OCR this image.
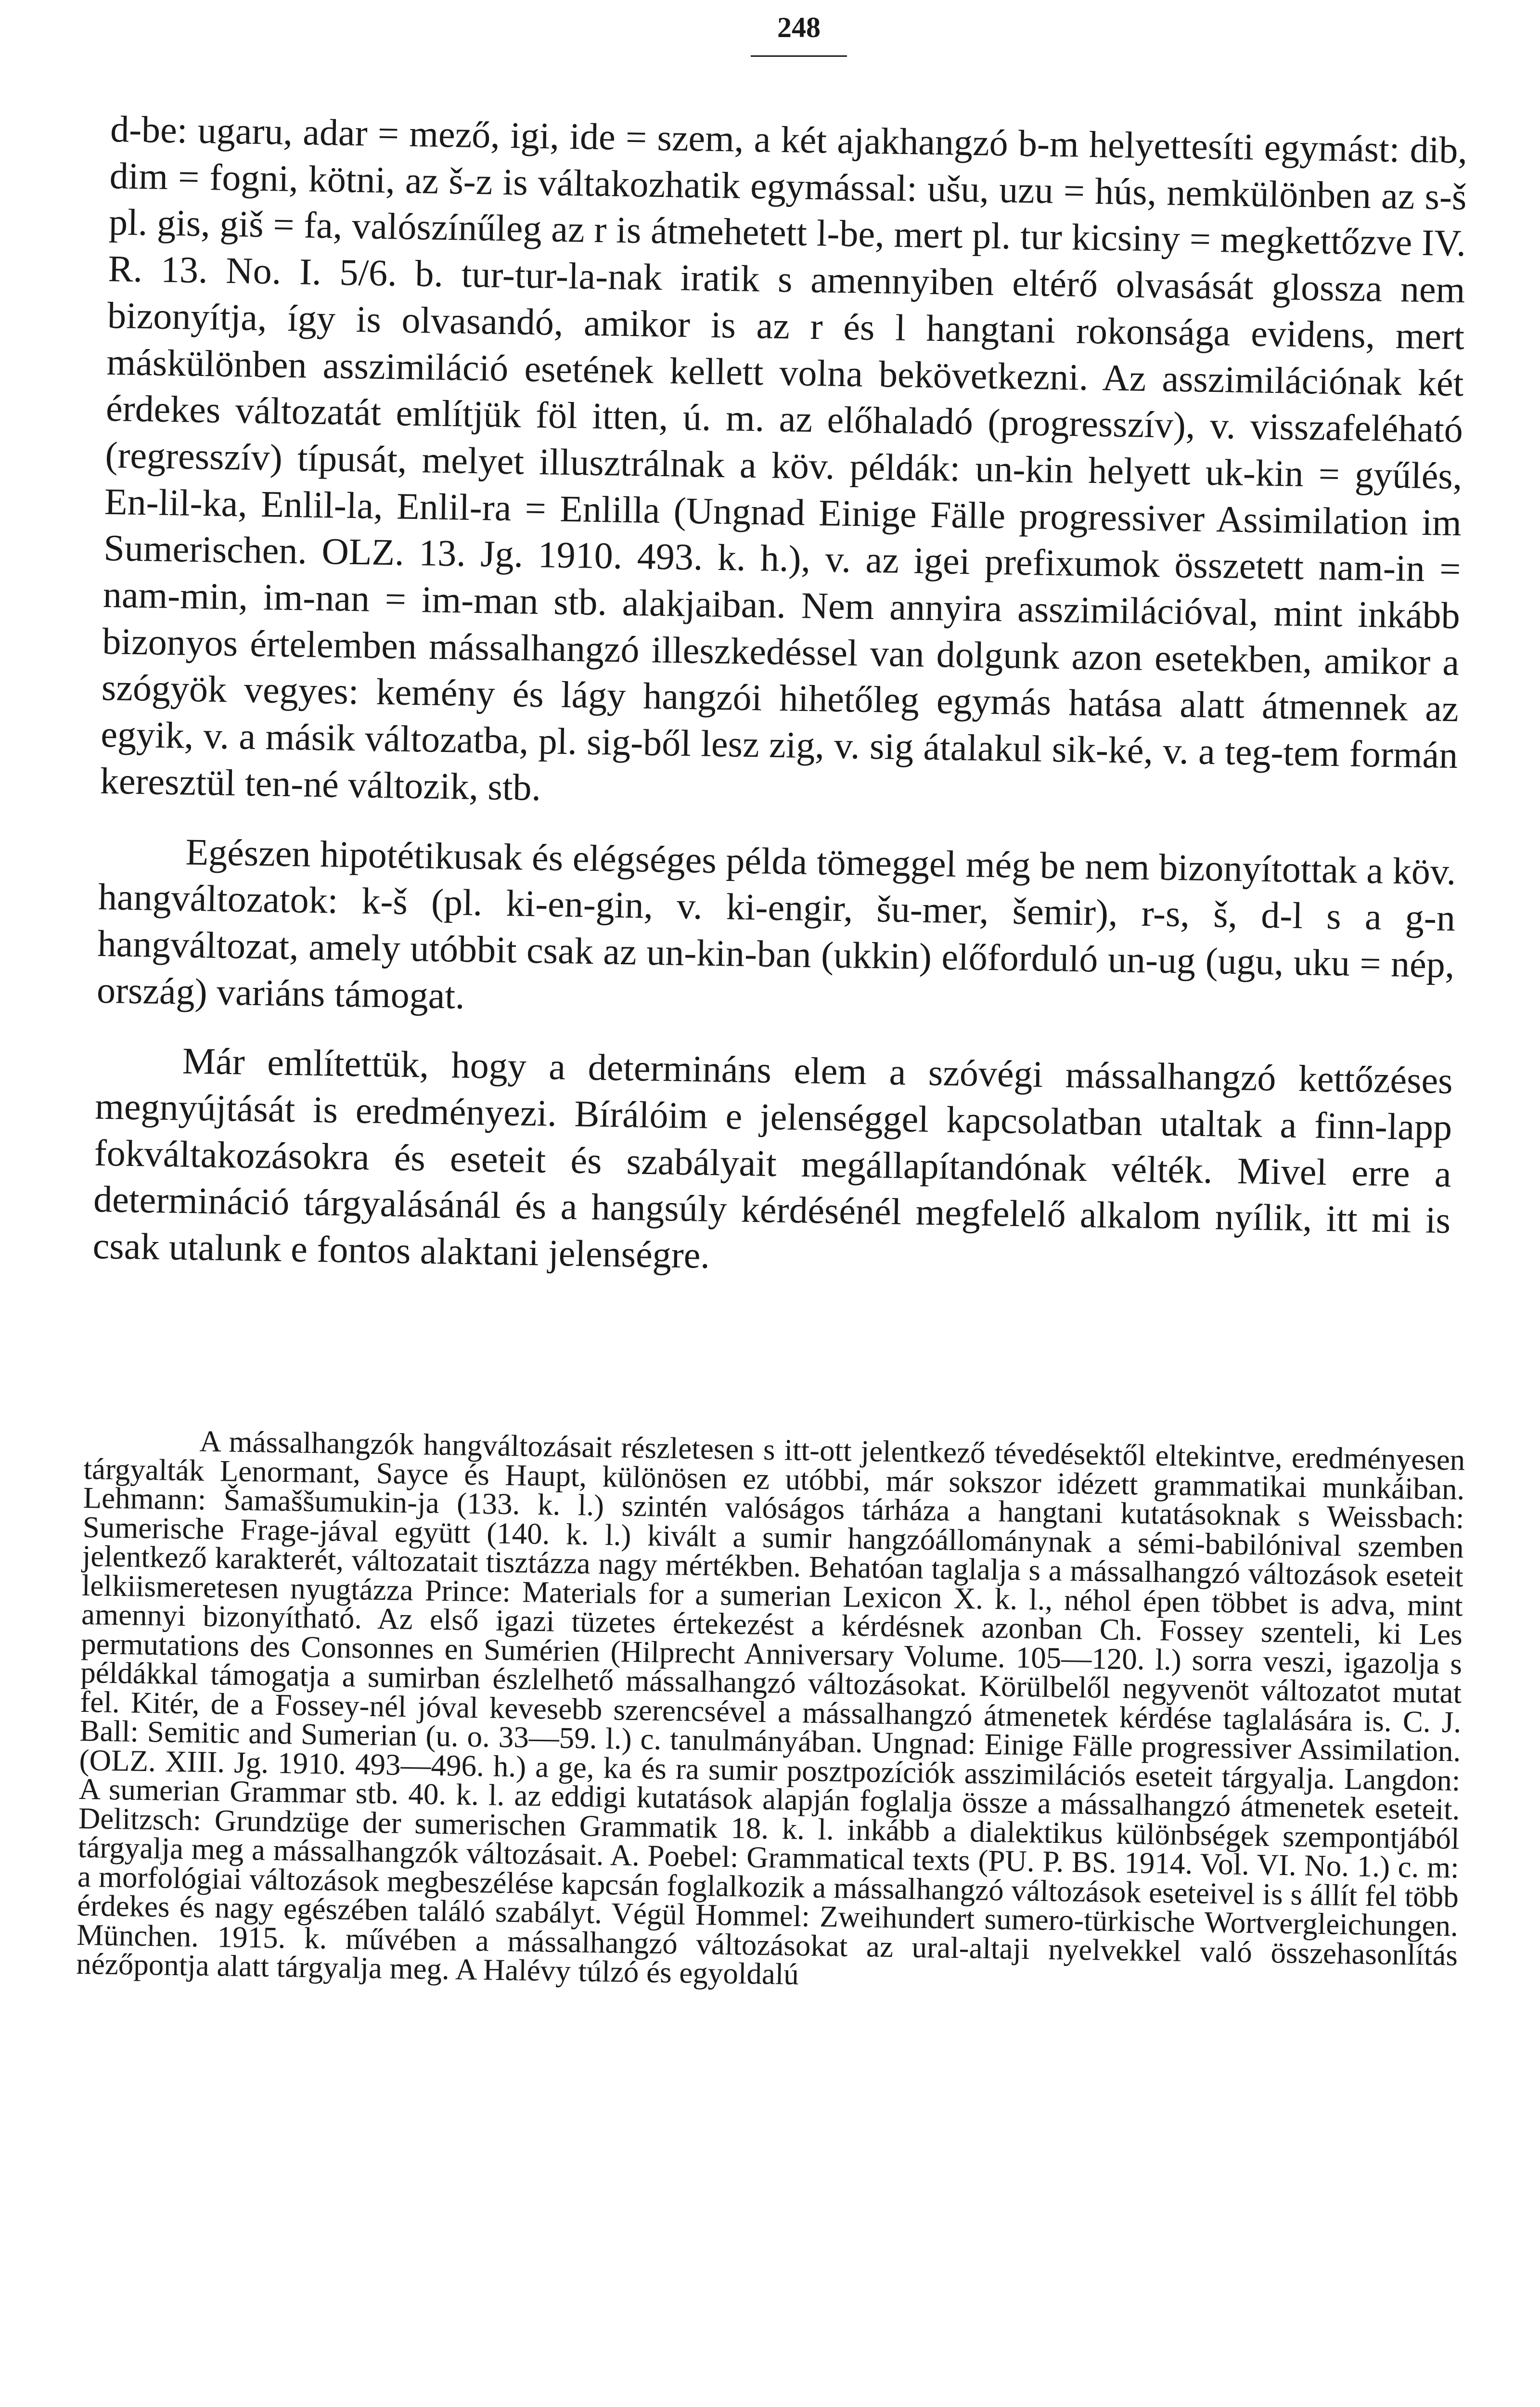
248

d-be: ugaru, adar = mező, igi, ide = szem, a két ajakhangzó b-m helyettesíti egymást: dib, dim = fogni, kötni, az š-z is váltakozhatik egymással: ušu, uzu = hús, nemkülönben az s-š pl. gis, giš = fa, valószínűleg az r is átmehetett l-be, mert pl. tur kicsiny = megkettőzve IV. R. 13. No. I. 5/6. b. tur-tur-la-nak iratik s amennyiben eltérő olvasását glossza nem bizonyítja, így is olvasandó, amikor is az r és l hangtani rokonsága evidens, mert máskülönben asszimiláció esetének kellett volna bekövetkezni. Az asszimilációnak két érdekes változatát említjük föl itten, ú. m. az előhaladó (progresszív), v. visszafeléható (regresszív) típusát, melyet illusztrálnak a köv. példák: un-kin helyett uk-kin = gyűlés, En-lil-ka, Enlil-la, Enlil-ra = Enlilla (Ungnad Einige Fälle progressiver Assimilation im Sumerischen. OLZ. 13. Jg. 1910. 493. k. h.), v. az igei prefixumok összetett nam-in = nam-min, im-nan = im-man stb. alakjaiban. Nem annyira asszimilációval, mint inkább bizonyos értelemben mássalhangzó illeszkedéssel van dolgunk azon esetekben, amikor a szógyök vegyes: kemény és lágy hangzói hihetőleg egymás hatása alatt átmennek az egyik, v. a másik változatba, pl. sig-ből lesz zig, v. sig átalakul sik-ké, v. a teg-tem formán keresztül ten-né változik, stb.

Egészen hipotétikusak és elégséges példa tömeggel még be nem bizonyítottak a köv. hangváltozatok: k-š (pl. ki-en-gin, v. ki-engir, šu-mer, šemir), r-s, š, d-l s a g-n hangváltozat, amely utóbbit csak az un-kin-ban (ukkin) előforduló un-ug (ugu, uku = nép, ország) variáns támogat.

Már említettük, hogy a determináns elem a szóvégi mássalhangzó kettőzéses megnyújtását is eredményezi. Bírálóim e jelenséggel kapcsolatban utaltak a finn-lapp fokváltakozásokra és eseteit és szabályait megállapítandónak vélték. Mivel erre a determináció tárgyalásánál és a hangsúly kérdésénél megfelelő alkalom nyílik, itt mi is csak utalunk e fontos alaktani jelenségre.

A mássalhangzók hangváltozásait részletesen s itt-ott jelentkező tévedésektől eltekintve, eredményesen tárgyalták Lenormant, Sayce és Haupt, különösen ez utóbbi, már sokszor idézett grammatikai munkáiban. Lehmann: Šamaššumukin-ja (133. k. l.) szintén valóságos tárháza a hangtani kutatásoknak s Weissbach: Sumerische Frage-jával együtt (140. k. l.) kivált a sumir hangzóállománynak a sémi-babilónival szemben jelentkező karakterét, változatait tisztázza nagy mértékben. Behatóan taglalja s a mássalhangzó változások eseteit lelkiismeretesen nyugtázza Prince: Materials for a sumerian Lexicon X. k. l., néhol épen többet is adva, mint amennyi bizonyítható. Az első igazi tüzetes értekezést a kérdésnek azonban Ch. Fossey szenteli, ki Les permutations des Consonnes en Sumérien (Hilprecht Anniversary Volume. 105—120. l.) sorra veszi, igazolja s példákkal támogatja a sumirban észlelhető mássalhangzó változásokat. Körülbelől negyvenöt változatot mutat fel. Kitér, de a Fossey-nél jóval kevesebb szerencsével a mássalhangzó átmenetek kérdése taglalására is. C. J. Ball: Semitic and Sumerian (u. o. 33—59. l.) c. tanulmányában. Ungnad: Einige Fälle progressiver Assimilation. (OLZ. XIII. Jg. 1910. 493—496. h.) a ge, ka és ra sumir posztpozíciók asszimilációs eseteit tárgyalja. Langdon: A sumerian Grammar stb. 40. k. l. az eddigi kutatások alapján foglalja össze a mássalhangzó átmenetek eseteit. Delitzsch: Grundzüge der sumerischen Grammatik 18. k. l. inkább a dialektikus különbségek szempontjából tárgyalja meg a mássalhangzók változásait. A. Poebel: Grammatical texts (PU. P. BS. 1914. Vol. VI. No. 1.) c. m: a morfológiai változások megbeszélése kapcsán foglalkozik a mássalhangzó változások eseteivel is s állít fel több érdekes és nagy egészében találó szabályt. Végül Hommel: Zweihundert sumero-türkische Wortvergleichungen. München. 1915. k. művében a mássalhangzó változásokat az ural-altaji nyelvekkel való összehasonlítás nézőpontja alatt tárgyalja meg. A Halévy túlzó és egyoldalú
